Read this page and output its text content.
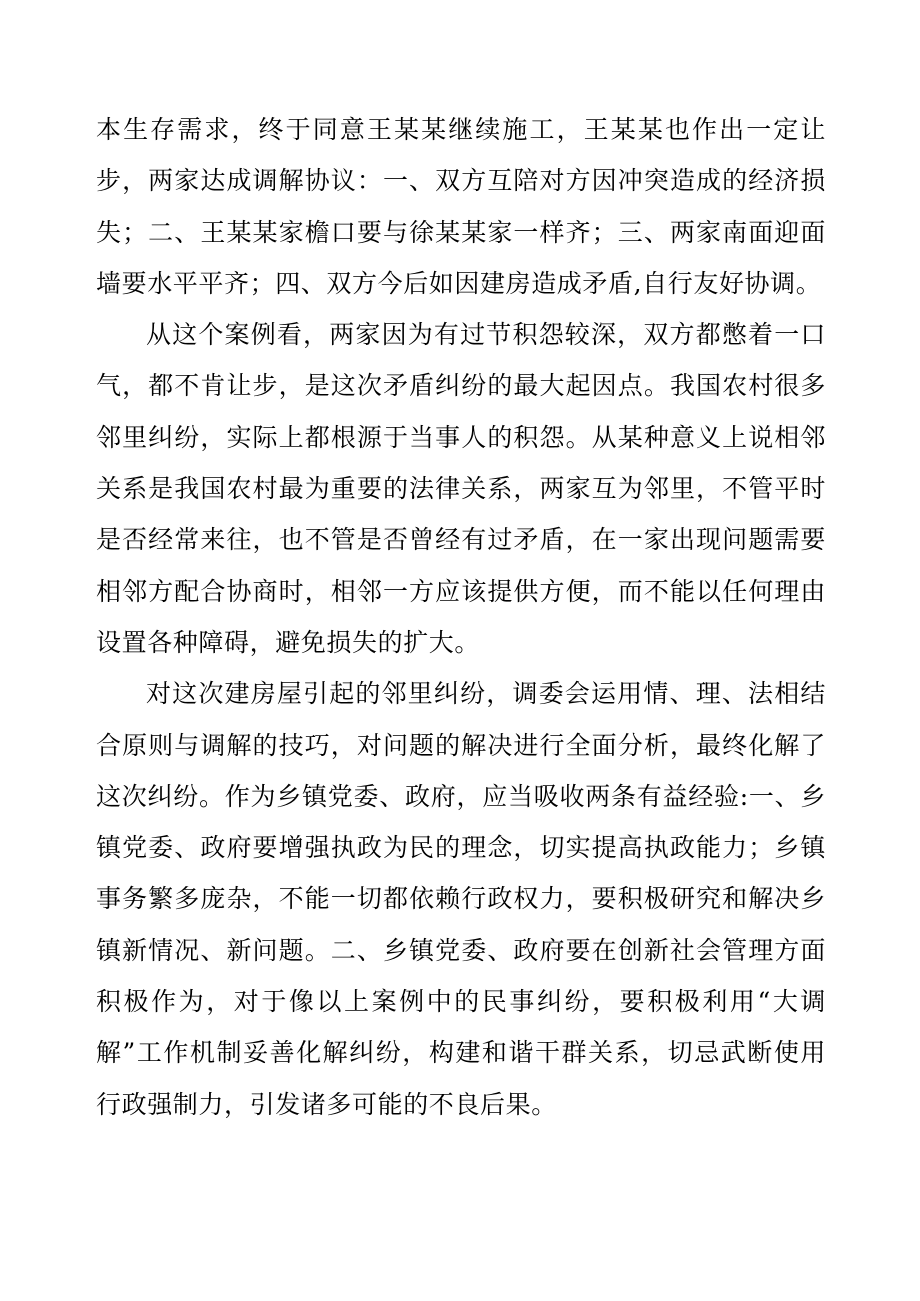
本生存需求，终于同意王某某继续施工，王某某也作出一定让步，两家达成调解协议：一、双方互陪对方因冲突造成的经济损失；二、王某某家檐口要与徐某某家一样齐；三、两家南面迎面墙要水平平齐；四、双方今后如因建房造成矛盾,自行友好协调。

从这个案例看，两家因为有过节积怨较深，双方都憋着一口气，都不肯让步，是这次矛盾纠纷的最大起因点。我国农村很多邻里纠纷，实际上都根源于当事人的积怨。从某种意义上说相邻关系是我国农村最为重要的法律关系，两家互为邻里，不管平时是否经常来往，也不管是否曾经有过矛盾，在一家出现问题需要相邻方配合协商时，相邻一方应该提供方便，而不能以任何理由设置各种障碍，避免损失的扩大。

对这次建房屋引起的邻里纠纷，调委会运用情、理、法相结合原则与调解的技巧，对问题的解决进行全面分析，最终化解了这次纠纷。作为乡镇党委、政府，应当吸收两条有益经验:一、乡镇党委、政府要增强执政为民的理念，切实提高执政能力；乡镇事务繁多庞杂，不能一切都依赖行政权力，要积极研究和解决乡镇新情况、新问题。二、乡镇党委、政府要在创新社会管理方面积极作为，对于像以上案例中的民事纠纷，要积极利用“大调解”工作机制妥善化解纠纷，构建和谐干群关系，切忌武断使用行政强制力，引发诸多可能的不良后果。
